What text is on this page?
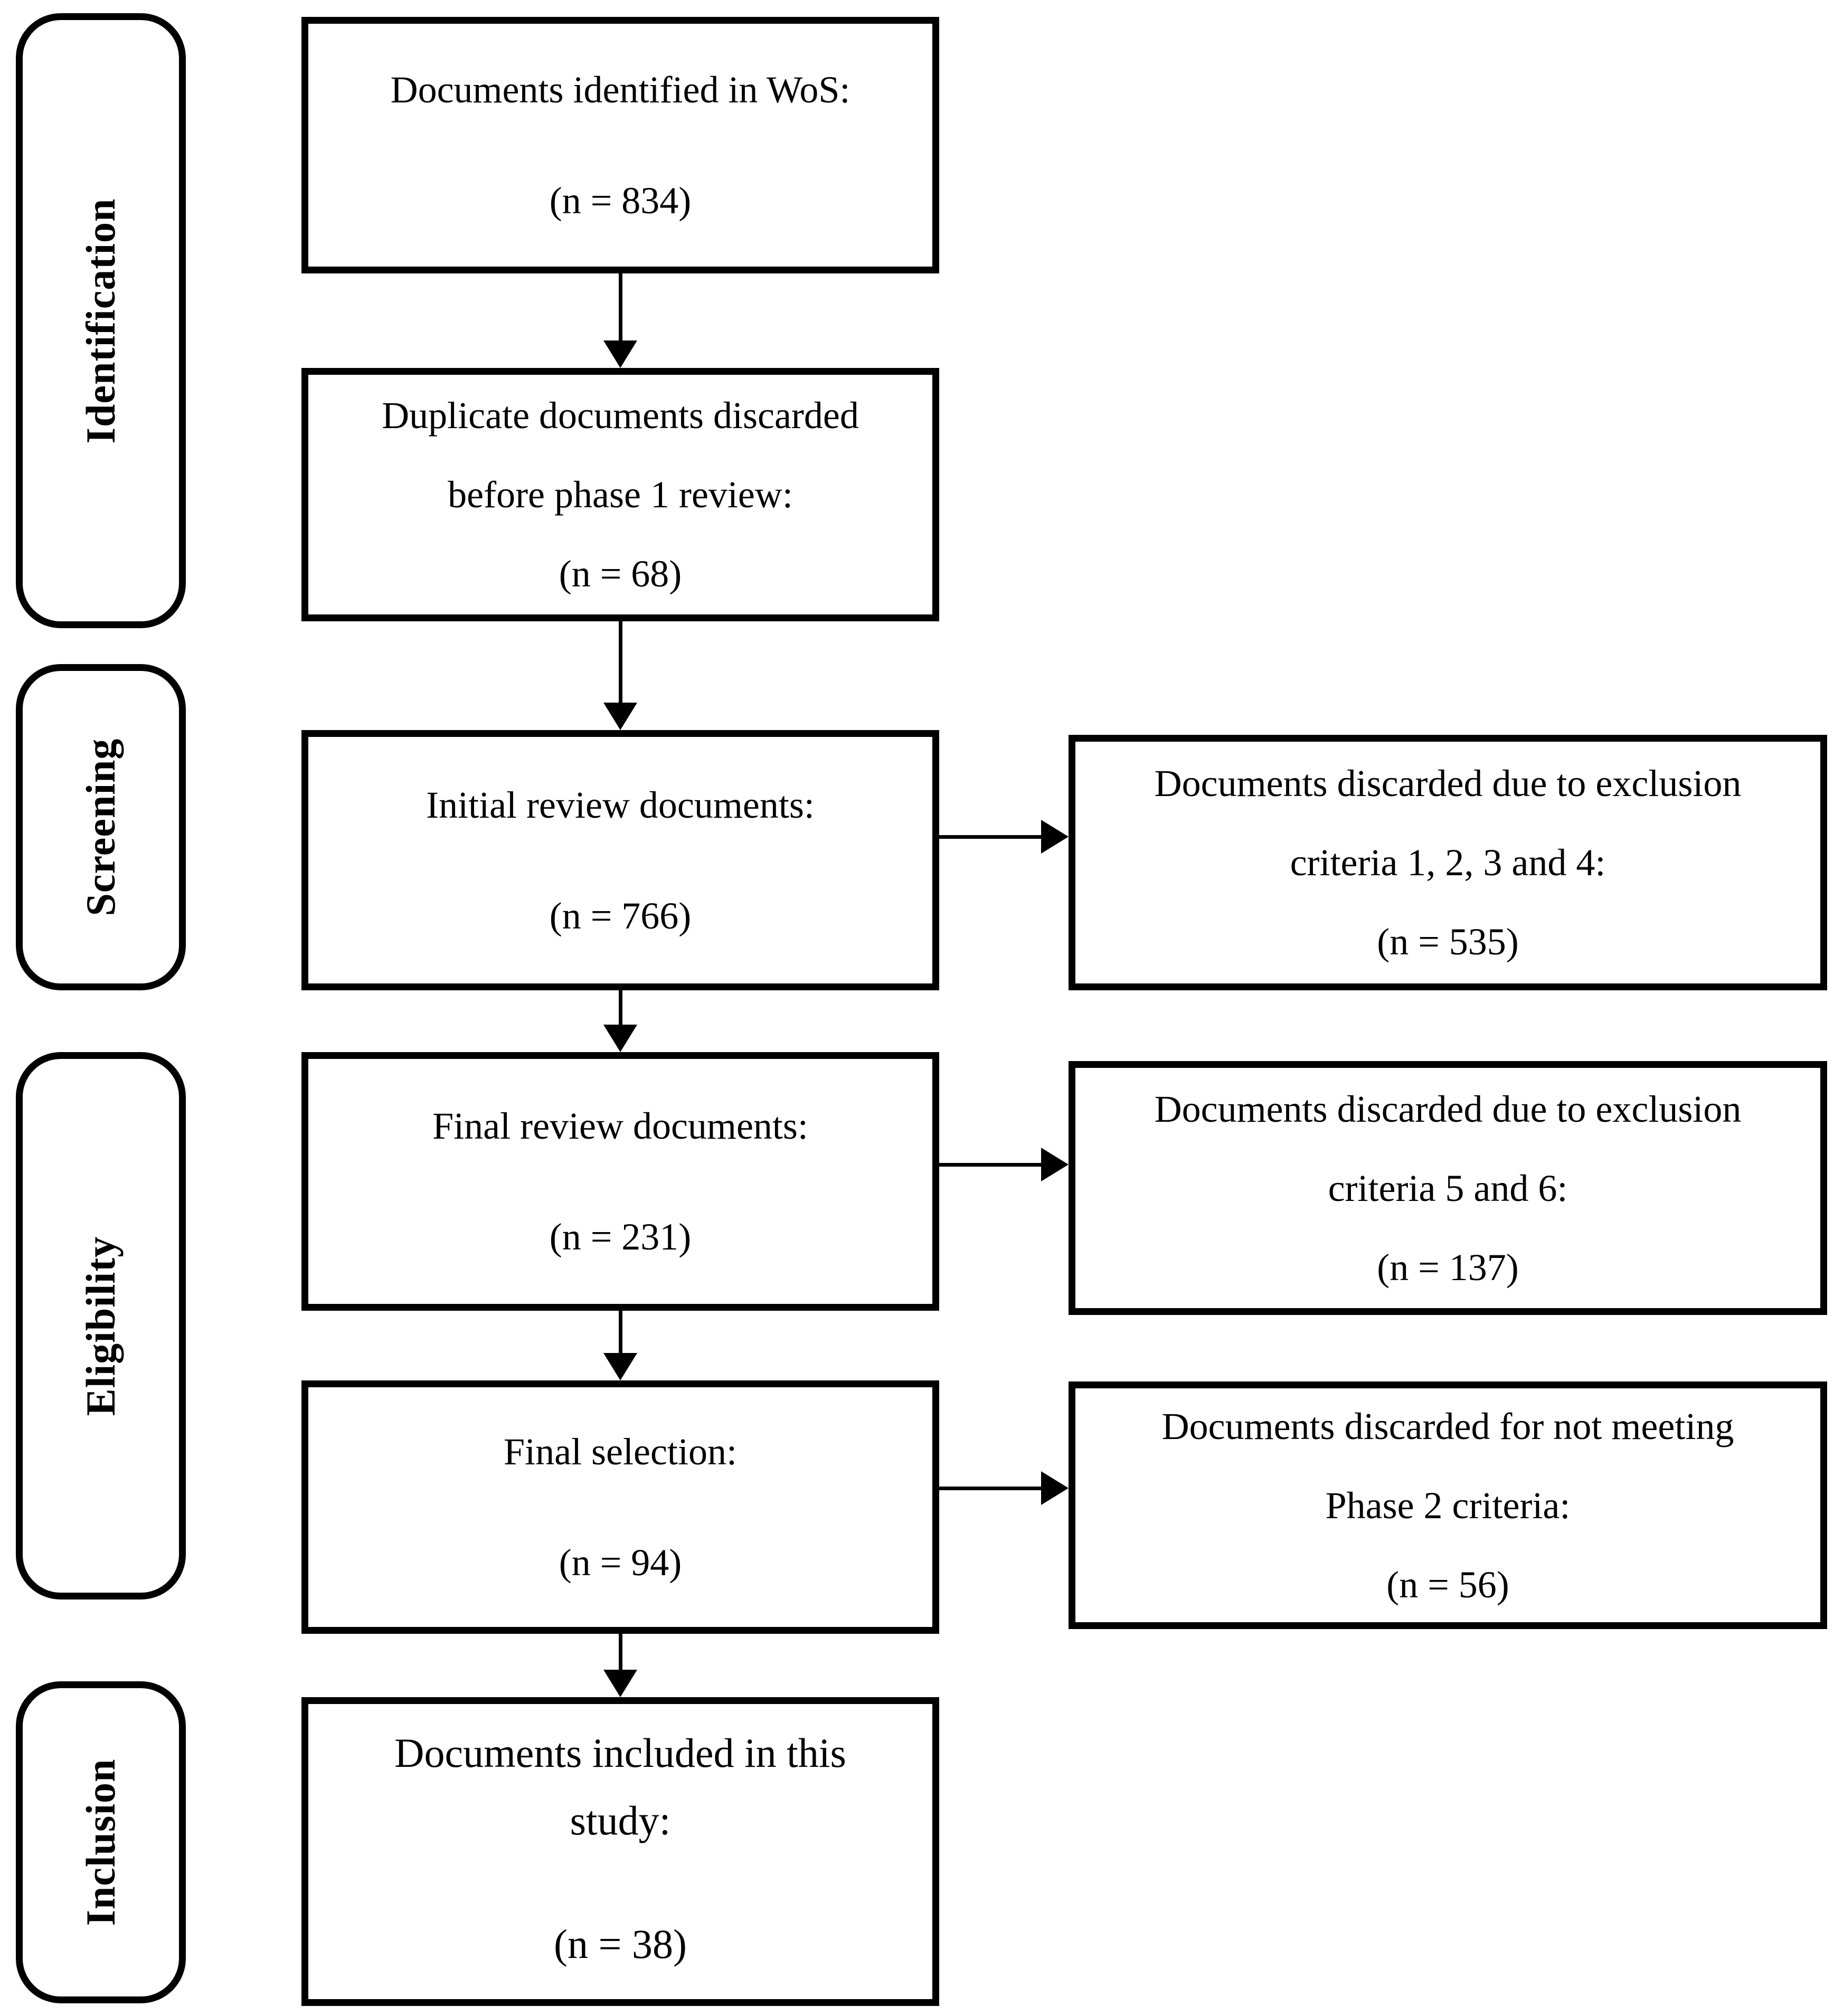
Identification
Screening
Eligibility
Inclusion
Documents identified in WoS:
(n = 834)
Duplicate documents discarded
before phase 1 review:
(n = 68)
Initial review documents:
(n = 766)
Final review documents:
(n = 231)
Final selection:
(n = 94)
Documents included in this
study:
(n = 38)
Documents discarded due to exclusion
criteria 1, 2, 3 and 4:
(n = 535)
Documents discarded due to exclusion
criteria 5 and 6:
(n = 137)
Documents discarded for not meeting
Phase 2 criteria:
(n = 56)
